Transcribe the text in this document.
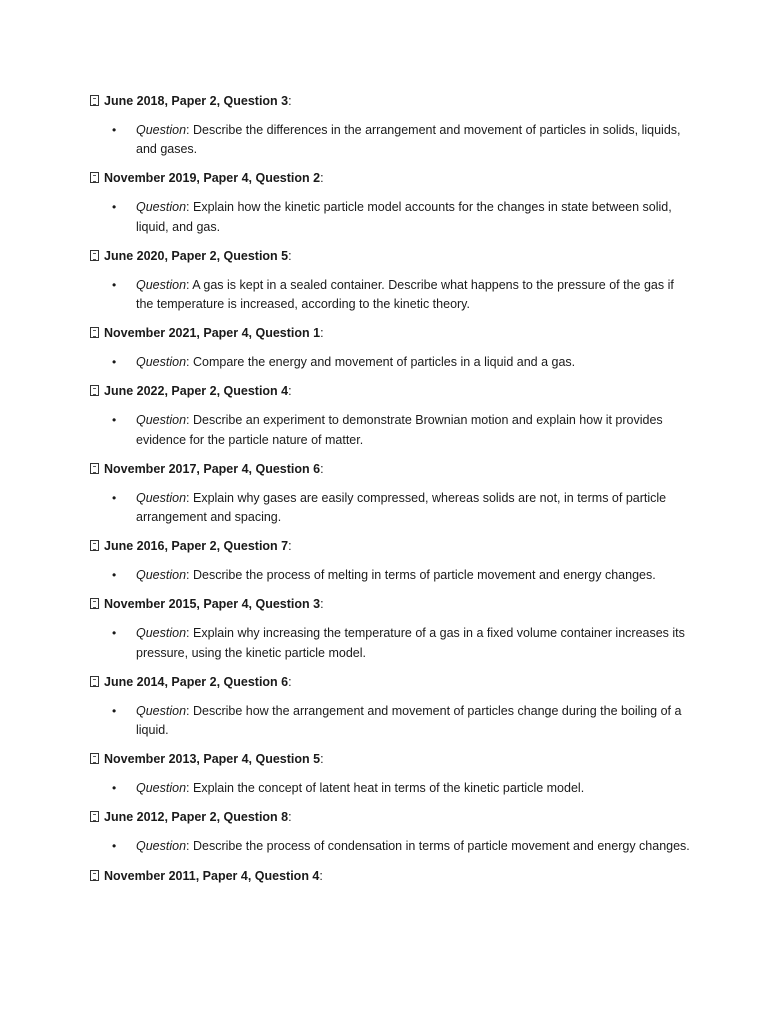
June 2018, Paper 2, Question 3:
• Question: Describe the differences in the arrangement and movement of particles in solids, liquids, and gases.
November 2019, Paper 4, Question 2:
• Question: Explain how the kinetic particle model accounts for the changes in state between solid, liquid, and gas.
June 2020, Paper 2, Question 5:
• Question: A gas is kept in a sealed container. Describe what happens to the pressure of the gas if the temperature is increased, according to the kinetic theory.
November 2021, Paper 4, Question 1:
• Question: Compare the energy and movement of particles in a liquid and a gas.
June 2022, Paper 2, Question 4:
• Question: Describe an experiment to demonstrate Brownian motion and explain how it provides evidence for the particle nature of matter.
November 2017, Paper 4, Question 6:
• Question: Explain why gases are easily compressed, whereas solids are not, in terms of particle arrangement and spacing.
June 2016, Paper 2, Question 7:
• Question: Describe the process of melting in terms of particle movement and energy changes.
November 2015, Paper 4, Question 3:
• Question: Explain why increasing the temperature of a gas in a fixed volume container increases its pressure, using the kinetic particle model.
June 2014, Paper 2, Question 6:
• Question: Describe how the arrangement and movement of particles change during the boiling of a liquid.
November 2013, Paper 4, Question 5:
• Question: Explain the concept of latent heat in terms of the kinetic particle model.
June 2012, Paper 2, Question 8:
• Question: Describe the process of condensation in terms of particle movement and energy changes.
November 2011, Paper 4, Question 4:
